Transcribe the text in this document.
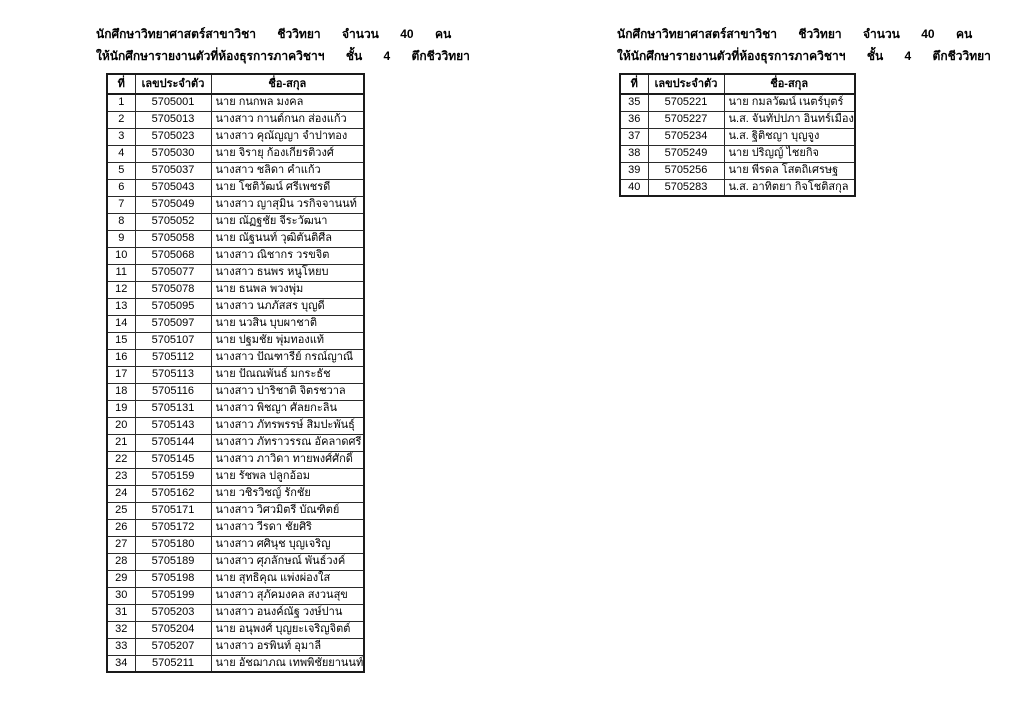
นักศึกษาวิทยาศาสตร์สาขาวิชา ชีววิทยา จำนวน 40 คน
ให้นักศึกษารายงานตัวที่ห้องธุรการภาควิชาฯ ชั้น 4 ตึกชีววิทยา
ที่	เลขประจำตัว	ชื่อ-สกุล
1	5705001	นาย กนกพล มงคล
2	5705013	นางสาว กานต์กนก ส่องแก้ว
3	5705023	นางสาว คุณัญญา จำปาทอง
4	5705030	นาย จิรายุ ก้องเกียรติวงศ์
5	5705037	นางสาว ชลิดา คำแก้ว
6	5705043	นาย โชติวัฒน์ ศรีเพชรดี
7	5705049	นางสาว ญาสุมิน วรกิจจานนท์
8	5705052	นาย ณัฏฐชัย จีระวัฒนา
9	5705058	นาย ณัฐนนท์ วุฒิตันติศีล
10	5705068	นางสาว ณิชากร วรขจิต
11	5705077	นางสาว ธนพร หนูโหยบ
12	5705078	นาย ธนพล พวงพุ่ม
13	5705095	นางสาว นภภัสสร บุญดี
14	5705097	นาย นวสิน บุบผาชาติ
15	5705107	นาย ปฐมชัย พุ่มทองแท้
16	5705112	นางสาว ปัณฑารีย์ กรณ์ญาณี
17	5705113	นาย ปัณณพันธ์ มกระธัช
18	5705116	นางสาว ปาริชาติ จิตรชวาล
19	5705131	นางสาว พิชญา ศัลยกะลิน
20	5705143	นางสาว ภัทรพรรษ์ สิมปะพันธุ์
21	5705144	นางสาว ภัทราวรรณ อัคลาดศรี
22	5705145	นางสาว ภาวิดา ทายพงศ์ศักดิ์
23	5705159	นาย รัชพล ปลูกอ้อม
24	5705162	นาย วชิรวิชญ์ รักชัย
25	5705171	นางสาว วิศวมิตรี บัณฑิตย์
26	5705172	นางสาว วีรดา ชัยศิริ
27	5705180	นางสาว ศศินุช บุญเจริญ
28	5705189	นางสาว ศุภลักษณ์ พันธ์วงค์
29	5705198	นาย สุทธิคุณ แพ่งผ่องใส
30	5705199	นางสาว สุภัคมงคล สงวนสุข
31	5705203	นางสาว อนงค์ณัฐ วงษ์ปาน
32	5705204	นาย อนุพงศ์ บุญยะเจริญจิตต์
33	5705207	นางสาว อรพินท์ อุมาลี
34	5705211	นาย อัชฌาภณ เทพพิชัยยานนท์
นักศึกษาวิทยาศาสตร์สาขาวิชา ชีววิทยา จำนวน 40 คน
ให้นักศึกษารายงานตัวที่ห้องธุรการภาควิชาฯ ชั้น 4 ตึกชีววิทยา
ที่	เลขประจำตัว	ชื่อ-สกุล
35	5705221	นาย กมลวัฒน์ เนตร์บุตร์
36	5705227	น.ส. จันทัปปภา อินทร์เมือง
37	5705234	น.ส. ฐิติชญา บุญจูง
38	5705249	นาย ปริญญ์ ไชยกิจ
39	5705256	นาย พีรดล โสตถิเศรษฐ
40	5705283	น.ส. อาทิตยา กิจโชติสกุล
